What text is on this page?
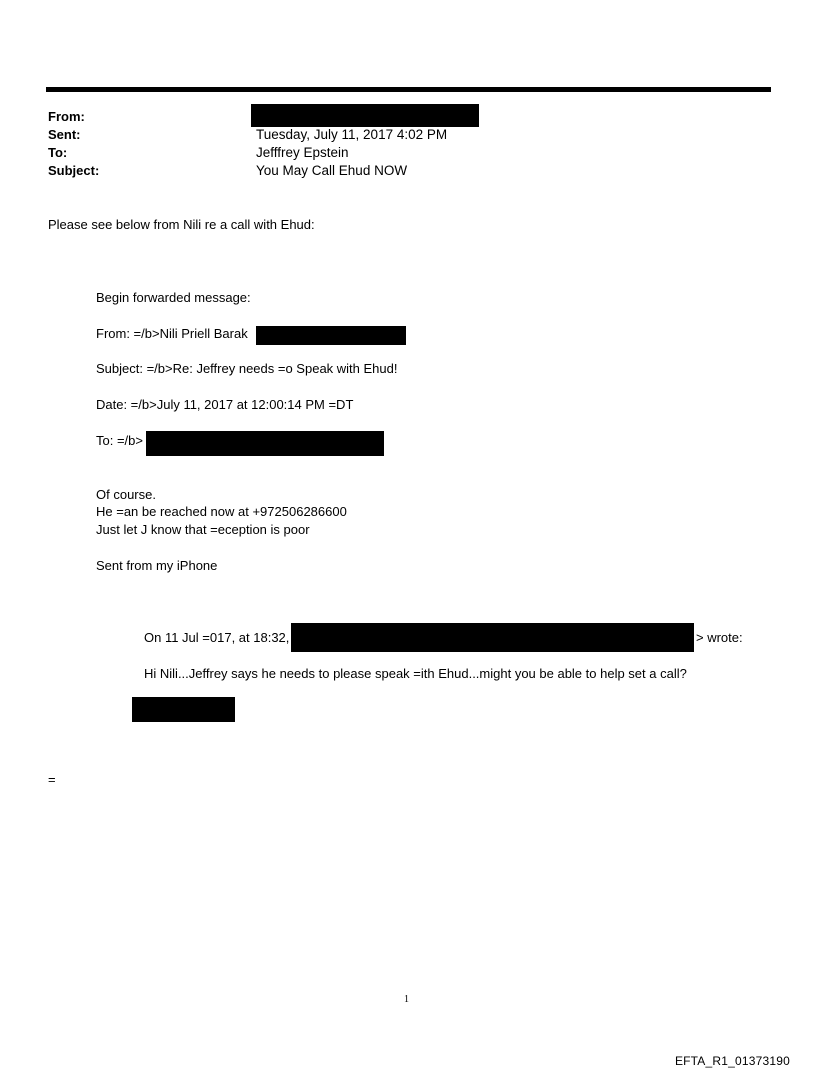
From:
Sent:
To:
Subject:
Tuesday, July 11, 2017 4:02 PM
Jefffrey Epstein
You May Call Ehud NOW
Please see below from Nili re a call with Ehud:
Begin forwarded message:
From: =/b>Nili Priell Barak
Subject: =/b>Re: Jeffrey needs =o Speak with Ehud!
Date: =/b>July 11, 2017 at 12:00:14 PM =DT
To: =/b>
Of course.
He =an be reached now at +972506286600
Just let J know that =eception is poor
Sent from my iPhone
On 11 Jul =017, at 18:32,	> wrote:
Hi Nili...Jeffrey says he needs to please speak =ith Ehud...might you be able to help set a call?
=
1
EFTA_R1_01373190
